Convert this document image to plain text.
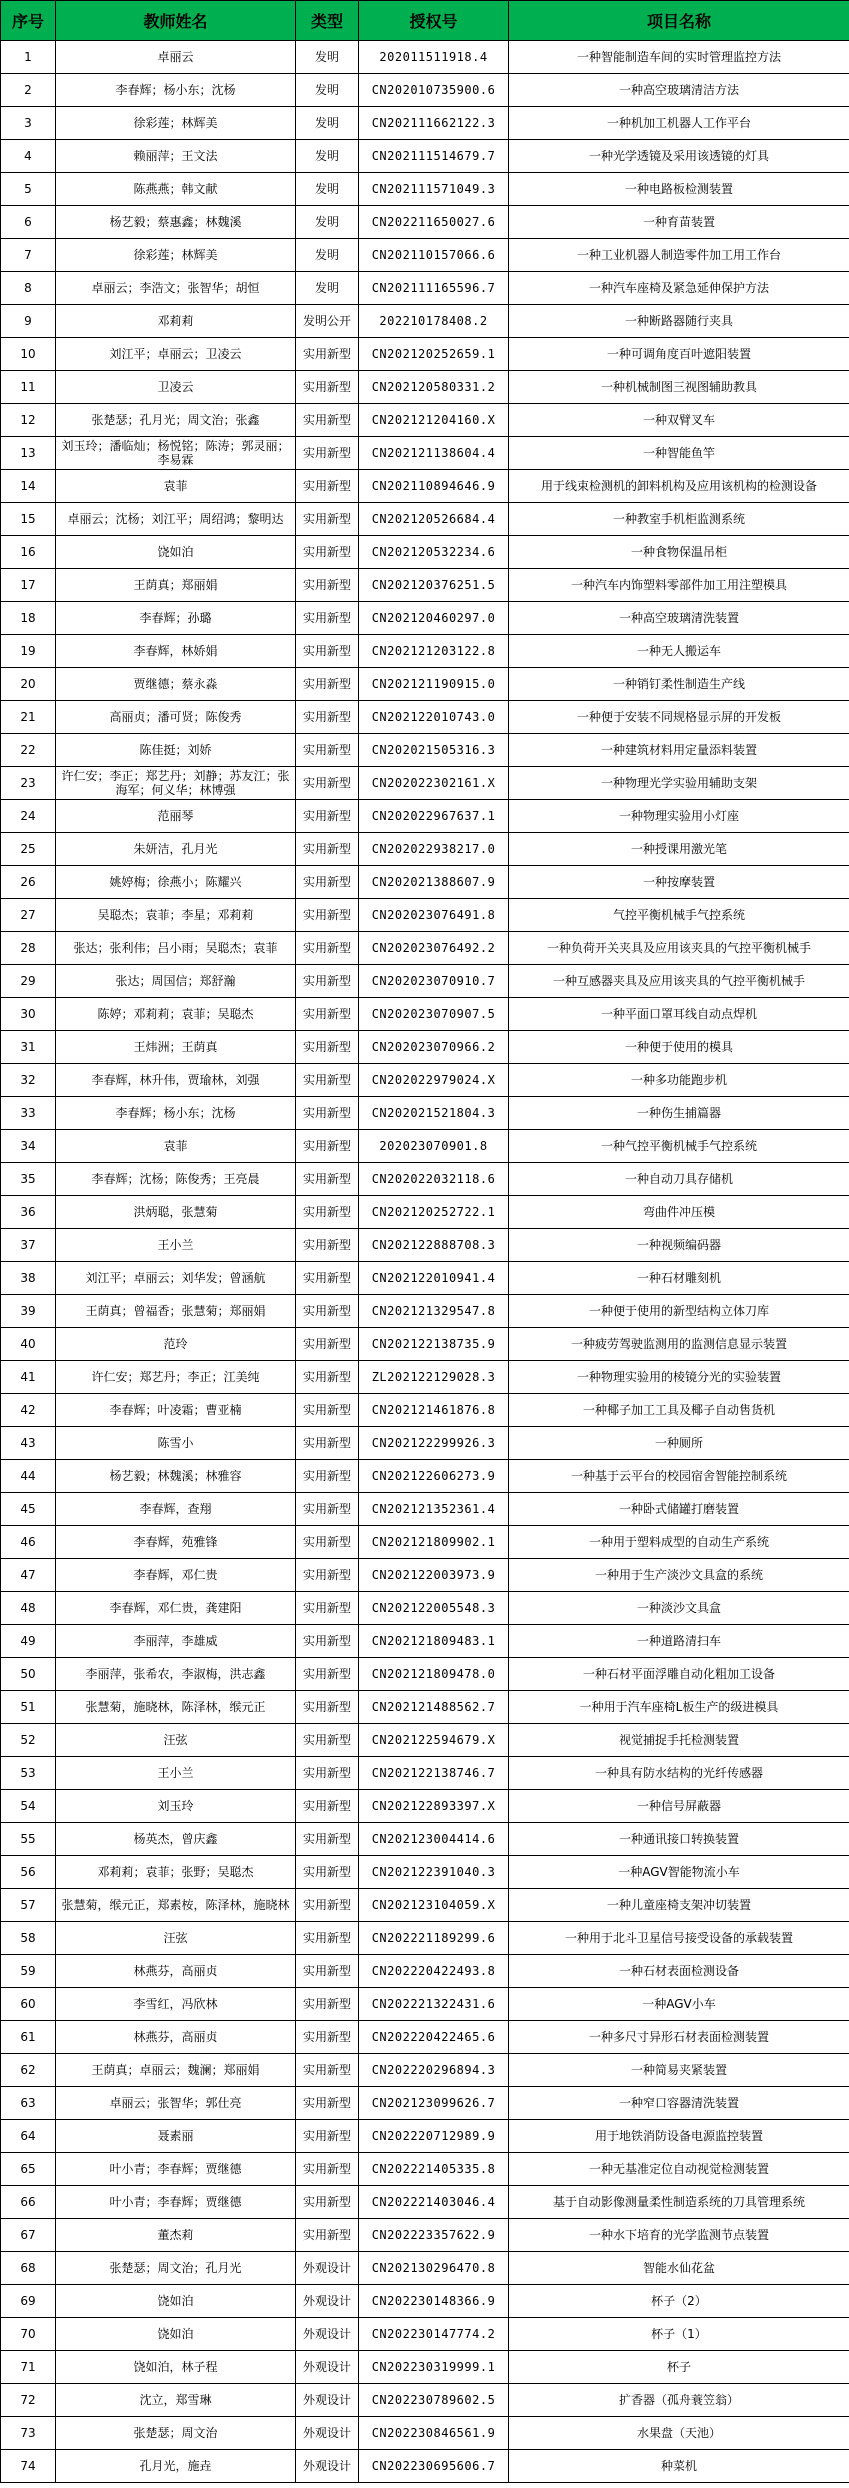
序号	教师姓名	类型	授权号	项目名称
1	卓丽云	发明	202011511918.4	一种智能制造车间的实时管理监控方法
2	李春辉；杨小东；沈杨	发明	CN202010735900.6	一种高空玻璃清洁方法
3	徐彩莲；林辉美	发明	CN202111662122.3	一种机加工机器人工作平台
4	赖丽萍；王文法	发明	CN202111514679.7	一种光学透镜及采用该透镜的灯具
5	陈燕燕；韩文献	发明	CN202111571049.3	一种电路板检测装置
6	杨艺毅；蔡惠鑫；林魏溪	发明	CN202211650027.6	一种育苗装置
7	徐彩莲；林辉美	发明	CN202110157066.6	一种工业机器人制造零件加工用工作台
8	卓丽云；李浩文；张智华；胡恒	发明	CN202111165596.7	一种汽车座椅及紧急延伸保护方法
9	邓莉莉	发明公开	202210178408.2	一种断路器随行夹具
10	刘江平；卓丽云；卫凌云	实用新型	CN202120252659.1	一种可调角度百叶遮阳装置
11	卫凌云	实用新型	CN202120580331.2	一种机械制图三视图辅助教具
12	张楚瑟；孔月光；周文治；张鑫	实用新型	CN202121204160.X	一种双臂叉车
13	刘玉玲；潘临灿；杨悦铭；陈涛；郭灵丽；李易霖	实用新型	CN202121138604.4	一种智能鱼竿
14	袁菲	实用新型	CN202110894646.9	用于线束检测机的卸料机构及应用该机构的检测设备
15	卓丽云；沈杨；刘江平；周绍鸿；黎明达	实用新型	CN202120526684.4	一种教室手机柜监测系统
16	饶如泊	实用新型	CN202120532234.6	一种食物保温吊柜
17	王荫真；郑丽娟	实用新型	CN202120376251.5	一种汽车内饰塑料零部件加工用注塑模具
18	李春辉；孙璐	实用新型	CN202120460297.0	一种高空玻璃清洗装置
19	李春辉，林娇娟	实用新型	CN202121203122.8	一种无人搬运车
20	贾继德；蔡永淼	实用新型	CN202121190915.0	一种销钉柔性制造生产线
21	高丽贞；潘可贤；陈俊秀	实用新型	CN202122010743.0	一种便于安装不同规格显示屏的开发板
22	陈佳挺；刘娇	实用新型	CN202021505316.3	一种建筑材料用定量添料装置
23	许仁安；李正；郑艺丹；刘静；苏友江；张海军；何义华；林博强	实用新型	CN202022302161.X	一种物理光学实验用辅助支架
24	范丽琴	实用新型	CN202022967637.1	一种物理实验用小灯座
25	朱妍洁，孔月光	实用新型	CN202022938217.0	一种授课用激光笔
26	姚婷梅；徐燕小；陈耀兴	实用新型	CN202021388607.9	一种按摩装置
27	吴聪杰；袁菲；李星；邓莉莉	实用新型	CN202023076491.8	气控平衡机械手气控系统
28	张达；张利伟；吕小雨；吴聪杰；袁菲	实用新型	CN202023076492.2	一种负荷开关夹具及应用该夹具的气控平衡机械手
29	张达；周国信；郑舒瀚	实用新型	CN202023070910.7	一种互感器夹具及应用该夹具的气控平衡机械手
30	陈婷；邓莉莉；袁菲；吴聪杰	实用新型	CN202023070907.5	一种平面口罩耳线自动点焊机
31	王炜洲；王荫真	实用新型	CN202023070966.2	一种便于使用的模具
32	李春辉，林升伟，贾瑜林，刘强	实用新型	CN202022979024.X	一种多功能跑步机
33	李春辉；杨小东；沈杨	实用新型	CN202021521804.3	一种伤生捕篇器
34	袁菲	实用新型	202023070901.8	一种气控平衡机械手气控系统
35	李春辉；沈杨；陈俊秀；王亮晨	实用新型	CN202022032118.6	一种自动刀具存储机
36	洪炳聪，张慧菊	实用新型	CN202120252722.1	弯曲件冲压模
37	王小兰	实用新型	CN202122888708.3	一种视频编码器
38	刘江平；卓丽云；刘华发；曾涵航	实用新型	CN202122010941.4	一种石材雕刻机
39	王荫真；曾福香；张慧菊；郑丽娟	实用新型	CN202121329547.8	一种便于使用的新型结构立体刀库
40	范玲	实用新型	CN202122138735.9	一种疲劳驾驶监测用的监测信息显示装置
41	许仁安；郑艺丹；李正；江美纯	实用新型	ZL202122129028.3	一种物理实验用的棱镜分光的实验装置
42	李春辉；叶凌霜；曹亚楠	实用新型	CN202121461876.8	一种椰子加工工具及椰子自动售货机
43	陈雪小	实用新型	CN202122299926.3	一种厕所
44	杨艺毅；林魏溪；林雅容	实用新型	CN202122606273.9	一种基于云平台的校园宿舍智能控制系统
45	李春辉，查翔	实用新型	CN202121352361.4	一种卧式储罐打磨装置
46	李春辉，苑雅锋	实用新型	CN202121809902.1	一种用于塑料成型的自动生产系统
47	李春辉，邓仁贵	实用新型	CN202122003973.9	一种用于生产淡沙文具盒的系统
48	李春辉，邓仁贵，龚建阳	实用新型	CN202122005548.3	一种淡沙文具盒
49	李丽萍，李雄威	实用新型	CN202121809483.1	一种道路清扫车
50	李丽萍，张希农，李淑梅，洪志鑫	实用新型	CN202121809478.0	一种石材平面浮雕自动化粗加工设备
51	张慧菊，施晓林，陈泽林，缑元正	实用新型	CN202121488562.7	一种用于汽车座椅L板生产的级进模具
52	汪弦	实用新型	CN202122594679.X	视觉捕捉手托检测装置
53	王小兰	实用新型	CN202122138746.7	一种具有防水结构的光纤传感器
54	刘玉玲	实用新型	CN202122893397.X	一种信号屏蔽器
55	杨英杰，曾庆鑫	实用新型	CN202123004414.6	一种通讯接口转换装置
56	邓莉莉；袁菲；张野；吴聪杰	实用新型	CN202122391040.3	一种AGV智能物流小车
57	张慧菊，缑元正，郑素桉，陈泽林，施晓林	实用新型	CN202123104059.X	一种儿童座椅支架冲切装置
58	汪弦	实用新型	CN202221189299.6	一种用于北斗卫星信号接受设备的承载装置
59	林燕芬，高丽贞	实用新型	CN202220422493.8	一种石材表面检测设备
60	李雪红，冯欣林	实用新型	CN202221322431.6	一种AGV小车
61	林燕芬，高丽贞	实用新型	CN202220422465.6	一种多尺寸异形石材表面检测装置
62	王荫真；卓丽云；魏澜；郑丽娟	实用新型	CN202220296894.3	一种简易夹紧装置
63	卓丽云；张智华；郭仕亮	实用新型	CN202123099626.7	一种窄口容器清洗装置
64	聂素丽	实用新型	CN202220712989.9	用于地铁消防设备电源监控装置
65	叶小青；李春辉；贾继德	实用新型	CN202221405335.8	一种无基准定位自动视觉检测装置
66	叶小青；李春辉；贾继德	实用新型	CN202221403046.4	基于自动影像测量柔性制造系统的刀具管理系统
67	董杰莉	实用新型	CN202223357622.9	一种水下培育的光学监测节点装置
68	张楚瑟；周文治；孔月光	外观设计	CN202130296470.8	智能水仙花盆
69	饶如泊	外观设计	CN202230148366.9	杯子（2）
70	饶如泊	外观设计	CN202230147774.2	杯子（1）
71	饶如泊，林子程	外观设计	CN202230319999.1	杯子
72	沈立，郑雪琳	外观设计	CN202230789602.5	扩香器（孤舟蓑笠翁）
73	张楚瑟；周文治	外观设计	CN202230846561.9	水果盘（天池）
74	孔月光，施垚	外观设计	CN202230695606.7	种菜机
